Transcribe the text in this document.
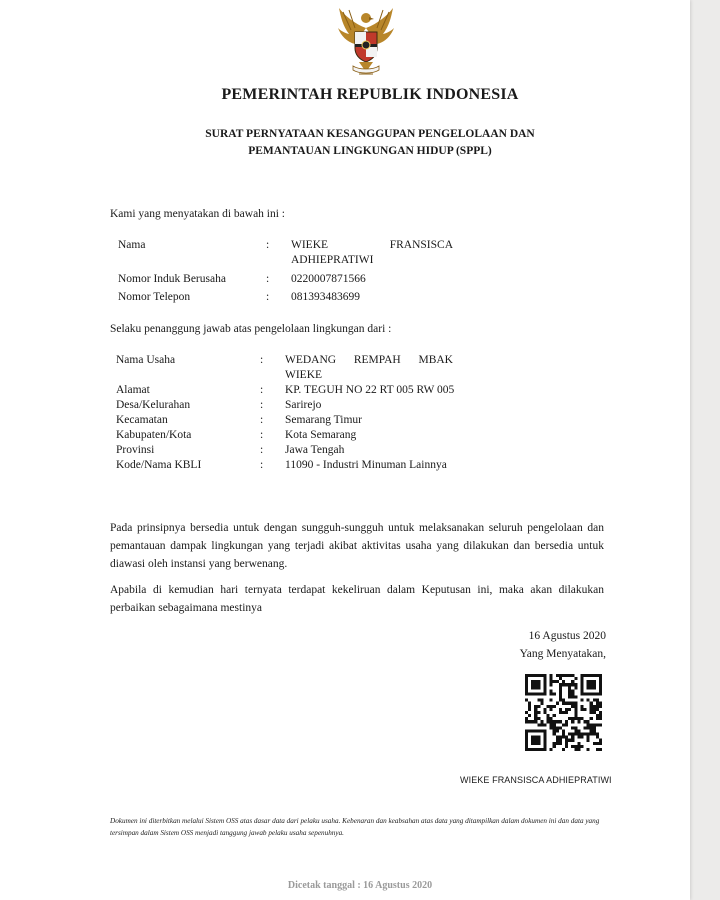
PEMERINTAH REPUBLIK INDONESIA
SURAT PERNYATAAN KESANGGUPAN PENGELOLAAN DAN
PEMANTAUAN LINGKUNGAN HIDUP (SPPL)
Kami yang menyatakan di bawah ini :
Nama	: WIEKE FRANSISCA
ADHIEPRATIWI
Nomor Induk Berusaha	: 0220007871566
Nomor Telepon	: 081393483699
Selaku penanggung jawab atas pengelolaan lingkungan dari :
Nama Usaha	: WEDANG REMPAH MBAK
WIEKE
Alamat	: KP. TEGUH NO 22 RT 005 RW 005
Desa/Kelurahan	: Sarirejo
Kecamatan	: Semarang Timur
Kabupaten/Kota	: Kota Semarang
Provinsi	: Jawa Tengah
Kode/Nama KBLI	: 11090 - Industri Minuman Lainnya
Pada prinsipnya bersedia untuk dengan sungguh-sungguh untuk melaksanakan seluruh pengelolaan dan pemantauan dampak lingkungan yang terjadi akibat aktivitas usaha yang dilakukan dan bersedia untuk diawasi oleh instansi yang berwenang.
Apabila di kemudian hari ternyata terdapat kekeliruan dalam Keputusan ini, maka akan dilakukan perbaikan sebagaimana mestinya
16 Agustus 2020
Yang Menyatakan,
WIEKE FRANSISCA ADHIEPRATIWI
Dokumen ini diterbitkan melalui Sistem OSS atas dasar data dari pelaku usaha. Kebenaran dan keabsahan atas data yang ditampilkan dalam dokumen ini dan data yang tersimpan dalam Sistem OSS menjadi tanggung jawab pelaku usaha sepenuhnya.
Dicetak tanggal : 16 Agustus 2020
